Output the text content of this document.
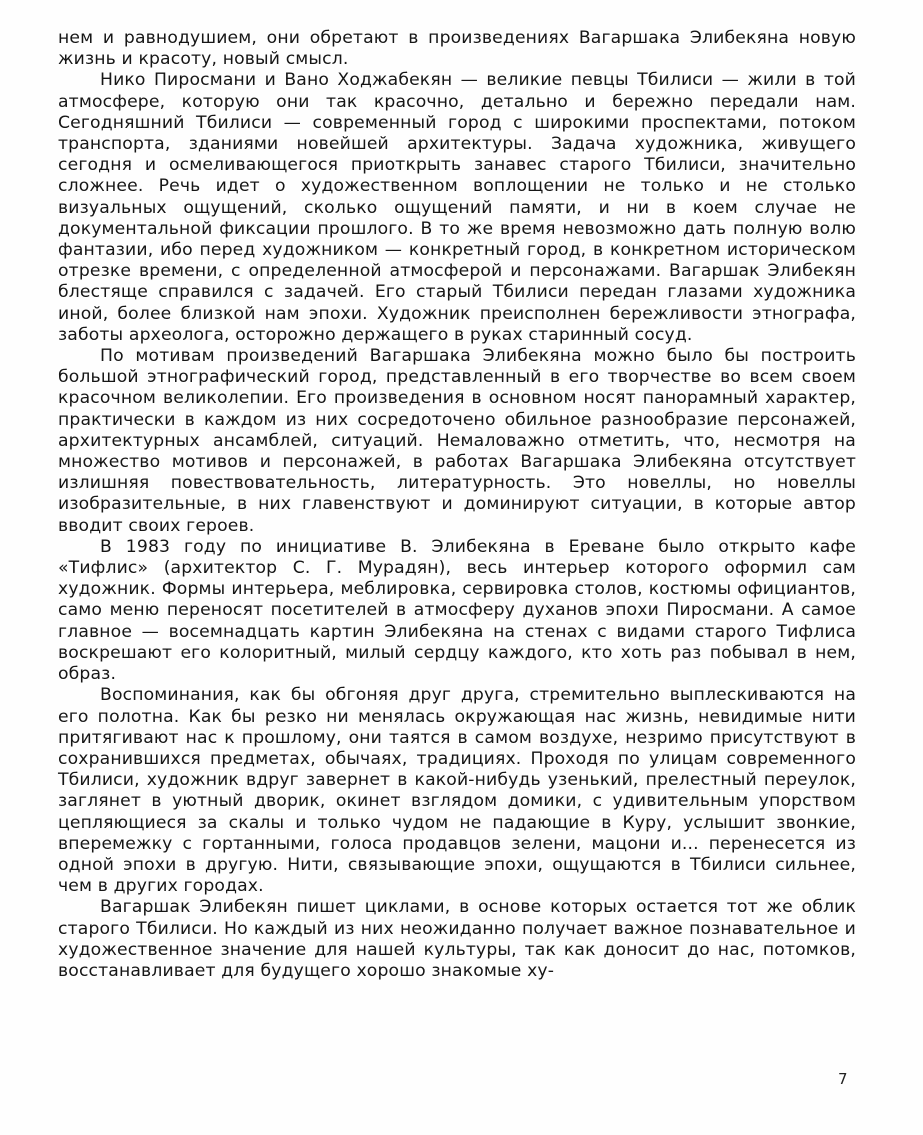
нем и равнодушием, они обретают в произведениях Вагаршака Элибекяна новую жизнь и красоту, новый смысл.

Нико Пиросмани и Вано Ходжабекян — великие певцы Тбилиси — жили в той атмосфере, которую они так красочно, детально и бережно передали нам. Сегодняшний Тбилиси — современный город с широкими проспектами, потоком транспорта, зданиями новейшей архитектуры. Задача художника, живущего сегодня и осмеливающегося приоткрыть занавес старого Тбилиси, значительно сложнее. Речь идет о художественном воплощении не только и не столько визуальных ощущений, сколько ощущений памяти, и ни в коем случае не документальной фиксации прошлого. В то же время невозможно дать полную волю фантазии, ибо перед художником — конкретный город, в конкретном историческом отрезке времени, с определенной атмосферой и персонажами. Вагаршак Элибекян блестяще справился с задачей. Его старый Тбилиси передан глазами художника иной, более близкой нам эпохи. Художник преисполнен бережливости этнографа, заботы археолога, осторожно держащего в руках старинный сосуд.

По мотивам произведений Вагаршака Элибекяна можно было бы построить большой этнографический город, представленный в его творчестве во всем своем красочном великолепии. Его произведения в основном носят панорамный характер, практически в каждом из них сосредоточено обильное разнообразие персонажей, архитектурных ансамблей, ситуаций. Немаловажно отметить, что, несмотря на множество мотивов и персонажей, в работах Вагаршака Элибекяна отсутствует излишняя повествовательность, литературность. Это новеллы, но новеллы изобразительные, в них главенствуют и доминируют ситуации, в которые автор вводит своих героев.

В 1983 году по инициативе В. Элибекяна в Ереване было открыто кафе «Тифлис» (архитектор С. Г. Мурадян), весь интерьер которого оформил сам художник. Формы интерьера, меблировка, сервировка столов, костюмы официантов, само меню переносят посетителей в атмосферу духанов эпохи Пиросмани. А самое главное — восемнадцать картин Элибекяна на стенах с видами старого Тифлиса воскрешают его колоритный, милый сердцу каждого, кто хоть раз побывал в нем, образ.

Воспоминания, как бы обгоняя друг друга, стремительно выплескиваются на его полотна. Как бы резко ни менялась окружающая нас жизнь, невидимые нити притягивают нас к прошлому, они таятся в самом воздухе, незримо присутствуют в сохранившихся предметах, обычаях, традициях. Проходя по улицам современного Тбилиси, художник вдруг завернет в какой-нибудь узенький, прелестный переулок, заглянет в уютный дворик, окинет взглядом домики, с удивительным упорством цепляющиеся за скалы и только чудом не падающие в Куру, услышит звонкие, вперемежку с гортанными, голоса продавцов зелени, мацони и... перенесется из одной эпохи в другую. Нити, связывающие эпохи, ощущаются в Тбилиси сильнее, чем в других городах.

Вагаршак Элибекян пишет циклами, в основе которых остается тот же облик старого Тбилиси. Но каждый из них неожиданно получает важное познавательное и художественное значение для нашей культуры, так как доносит до нас, потомков, восстанавливает для будущего хорошо знакомые ху-

7
